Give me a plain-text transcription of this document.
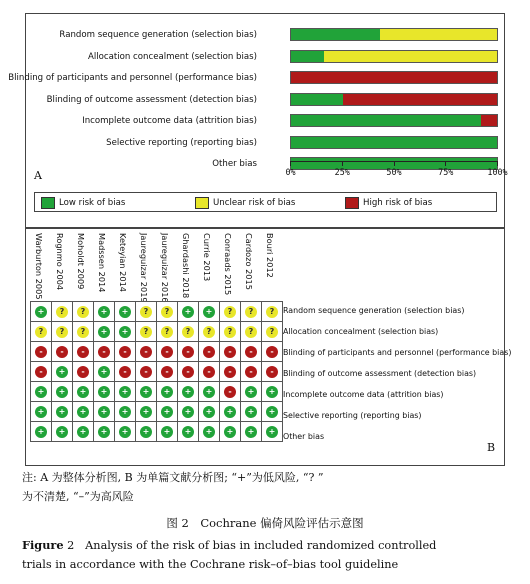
Random sequence generation (selection bias)
Allocation concealment (selection bias)
Blinding of participants and personnel (performance bias)
Blinding of outcome assessment (detection bias)
Incomplete outcome data (attrition bias)
Selective reporting (reporting bias)
Other bias
0%	25%	50%	75%	100%
A
Low risk of bias	Unclear risk of bias	High risk of bias
Warburton 2005 Rognmo 2004 Moholdt 2009 Madssen 2014 Keteyian 2014 Jaureguizar 2019 Jaureguizar 2016 Ghardashi 2018 Currie 2013 Conraads 2015 Cardozo 2015 Bouri 2012
+	?	?	+	+	?	?	+	+	?	?	?

?	?	?	+	+	?	?	?	?	?	?	?

-	-	-	-	-	-	-	-	-	-	-	-

-	+	-	+	-	-	-	-	-	-	-	-

+	+	+	+	+	+	+	+	+	-	+	+

+	+	+	+	+	+	+	+	+	+	+	+

+	+	+	+	+	+	+	+	+	+	+	+
Random sequence generation (selection bias)
Allocation concealment (selection bias)
Blinding of participants and personnel (performance bias)
Blinding of outcome assessment (detection bias)
Incomplete outcome data (attrition bias)
Selective reporting (reporting bias)
Other bias
B
注: A 为整体分析图, B 为单篇文献分析图; “+”为低风险, “? ”
为不清楚, “–”为高风险
图 2　Cochrane 偏倚风险评估示意图
Figure 2 Analysis of the risk of bias in included randomized controlled
trials in accordance with the Cochrane risk–of–bias tool guideline
